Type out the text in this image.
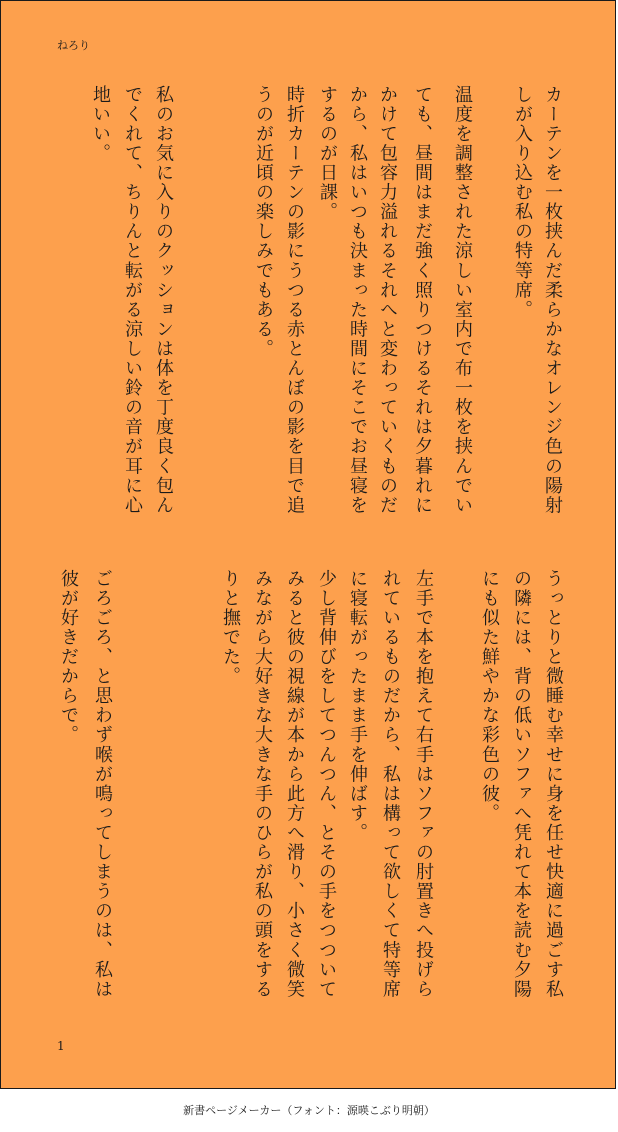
ねろり
カーテンを一枚挟んだ柔らかなオレンジ色の陽射
しが入り込む私の特等席。
温度を調整された涼しい室内で布一枚を挟んでい
ても、昼間はまだ強く照りつけるそれは夕暮れに
かけて包容力溢れるそれへと変わっていくものだ
から、私はいつも決まった時間にそこでお昼寝を
するのが日課。
時折カーテンの影にうつる赤とんぼの影を目で追
うのが近頃の楽しみでもある。
私のお気に入りのクッションは体を丁度良く包ん
でくれて、ちりんと転がる涼しい鈴の音が耳に心
地いい。
うっとりと微睡む幸せに身を任せ快適に過ごす私
の隣には、背の低いソファへ凭れて本を読む夕陽
にも似た鮮やかな彩色の彼。
左手で本を抱えて右手はソファの肘置きへ投げら
れているものだから、私は構って欲しくて特等席
に寝転がったまま手を伸ばす。
少し背伸びをしてつんつん、とその手をつついて
みると彼の視線が本から此方へ滑り、小さく微笑
みながら大好きな大きな手のひらが私の頭をする
りと撫でた。
ごろごろ、と思わず喉が鳴ってしまうのは、私は
彼が好きだからで。
1
新書ページメーカー（フォント：源暎こぶり明朝）
